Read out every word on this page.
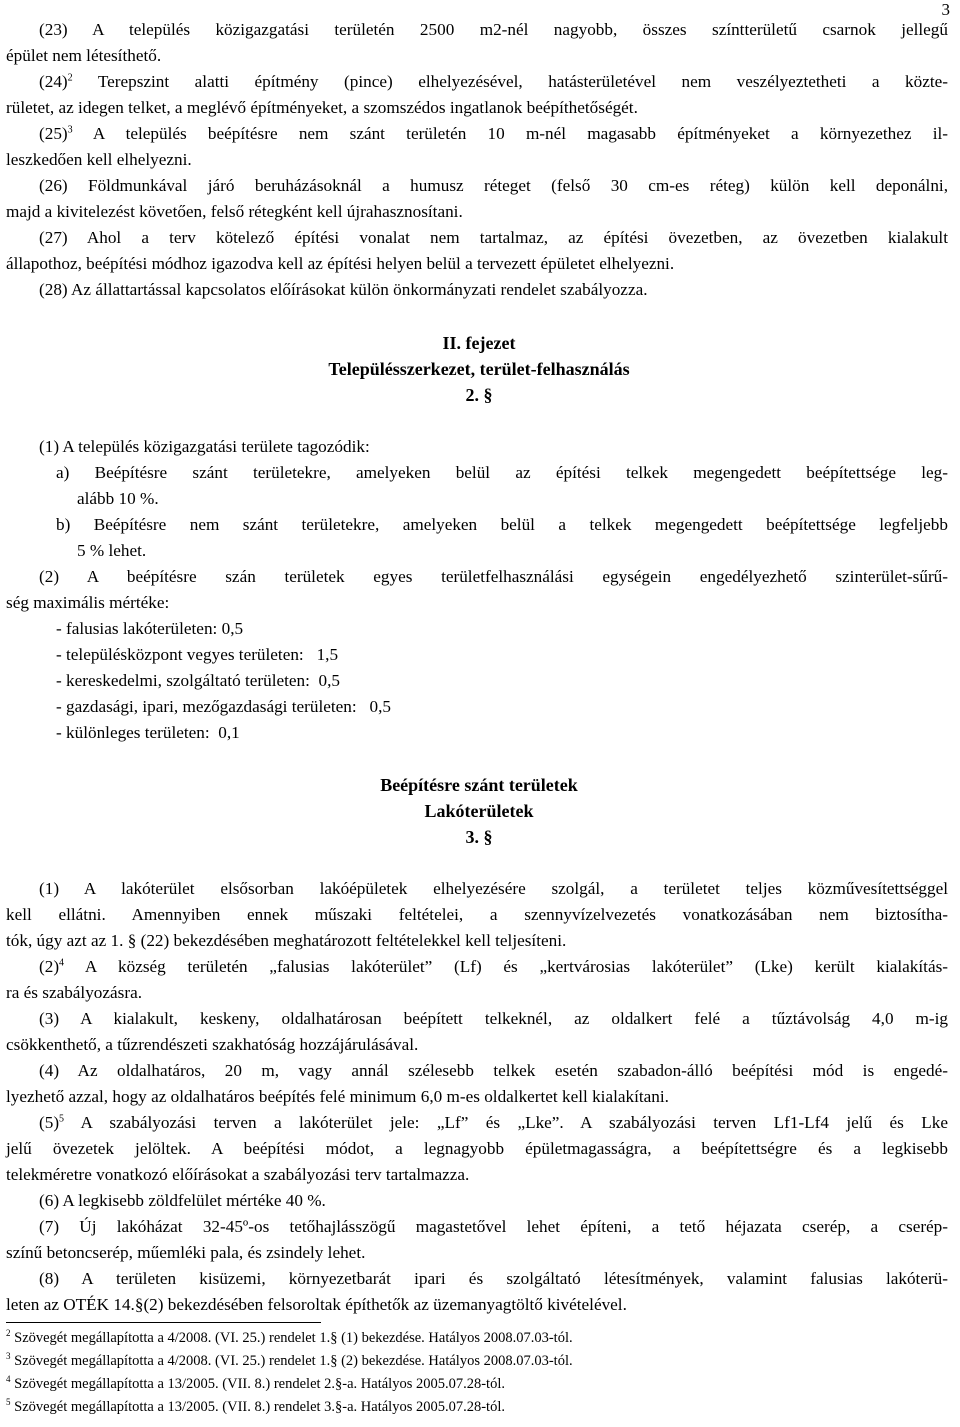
3
(23) A település közigazgatási területén 2500 m2-nél nagyobb, összes színtterületű csarnok jellegű
épület nem létesíthető.
$(24)^2$ Terepszint alatti építmény (pince) elhelyezésével, hatásterületével nem veszélyeztetheti a közte-
rületet, az idegen telket, a meglévő építményeket, a szomszédos ingatlanok beépíthetőségét.
$(25)^3$ A település beépítésre nem szánt területén 10 m-nél magasabb építményeket a környezethez il-
leszkedően kell elhelyezni.
(26) Földmunkával járó beruházásoknál a humusz réteget (felső 30 cm-es réteg) külön kell deponálni,
majd a kivitelezést követően, felső rétegként kell újrahasznosítani.
(27) Ahol a terv kötelező építési vonalat nem tartalmaz, az építési övezetben, az övezetben kialakult
állapothoz, beépítési módhoz igazodva kell az építési helyen belül a tervezett épületet elhelyezni.
(28) Az állattartással kapcsolatos előírásokat külön önkormányzati rendelet szabályozza.
II. fejezet
Településszerkezet, terület-felhasználás
2. §
(1) A település közigazgatási területe tagozódik:
a) Beépítésre szánt területekre, amelyeken belül az építési telkek megengedett beépítettsége leg-
alább 10 %.
b) Beépítésre nem szánt területekre, amelyeken belül a telkek megengedett beépítettsége legfeljebb
5 % lehet.
(2) A beépítésre szán területek egyes területfelhasználási egységein engedélyezhető szinterület-sűrű-
ség maximális mértéke:
- falusias lakóterületen: 0,5
- településközpont vegyes területen:   1,5
- kereskedelmi, szolgáltató területen:  0,5
- gazdasági, ipari, mezőgazdasági területen:   0,5
- különleges területen:  0,1
Beépítésre szánt területek
Lakóterületek
3. §
(1) A lakóterület elsősorban lakóépületek elhelyezésére szolgál, a területet teljes közművesítettséggel
kell ellátni. Amennyiben ennek műszaki feltételei, a szennyvízelvezetés vonatkozásában nem biztosítha-
tók, úgy azt az 1. § (22) bekezdésében meghatározott feltételekkel kell teljesíteni.
$(2)^4$ A község területén „falusias lakóterület” (Lf) és „kertvárosias lakóterület” (Lke) került kialakítás-
ra és szabályozásra.
(3) A kialakult, keskeny, oldalhatárosan beépített telkeknél, az oldalkert felé a tűztávolság 4,0 m-ig
csökkenthető, a tűzrendészeti szakhatóság hozzájárulásával.
(4) Az oldalhatáros, 20 m, vagy annál szélesebb telkek esetén szabadon-álló beépítési mód is engedé-
lyezhető azzal, hogy az oldalhatáros beépítés felé minimum 6,0 m-es oldalkertet kell kialakítani.
$(5)^5$ A szabályozási terven a lakóterület jele: „Lf” és „Lke”. A szabályozási terven Lf1-Lf4 jelű és Lke
jelű övezetek jelöltek. A beépítési módot, a legnagyobb épületmagasságra, a beépítettségre és a legkisebb
telekméretre vonatkozó előírásokat a szabályozási terv tartalmazza.
(6) A legkisebb zöldfelület mértéke 40 %.
(7) Új lakóházat 32-45º-os tetőhajlásszögű magastetővel lehet építeni, a tető héjazata cserép, a cserép-
színű betoncserép, műemléki pala, és zsindely lehet.
(8) A területen kisüzemi, környezetbarát ipari és szolgáltató létesítmények, valamint falusias lakóterü-
leten az OTÉK 14.§(2) bekezdésében felsoroltak építhetők az üzemanyagtöltő kivételével.
$^2$ Szövegét megállapította a 4/2008. (VI. 25.) rendelet 1.§ (1) bekezdése. Hatályos 2008.07.03-tól.
$^3$ Szövegét megállapította a 4/2008. (VI. 25.) rendelet 1.§ (2) bekezdése. Hatályos 2008.07.03-tól.
$^4$ Szövegét megállapította a 13/2005. (VII. 8.) rendelet 2.§-a. Hatályos 2005.07.28-tól.
$^5$ Szövegét megállapította a 13/2005. (VII. 8.) rendelet 3.§-a. Hatályos 2005.07.28-tól.
